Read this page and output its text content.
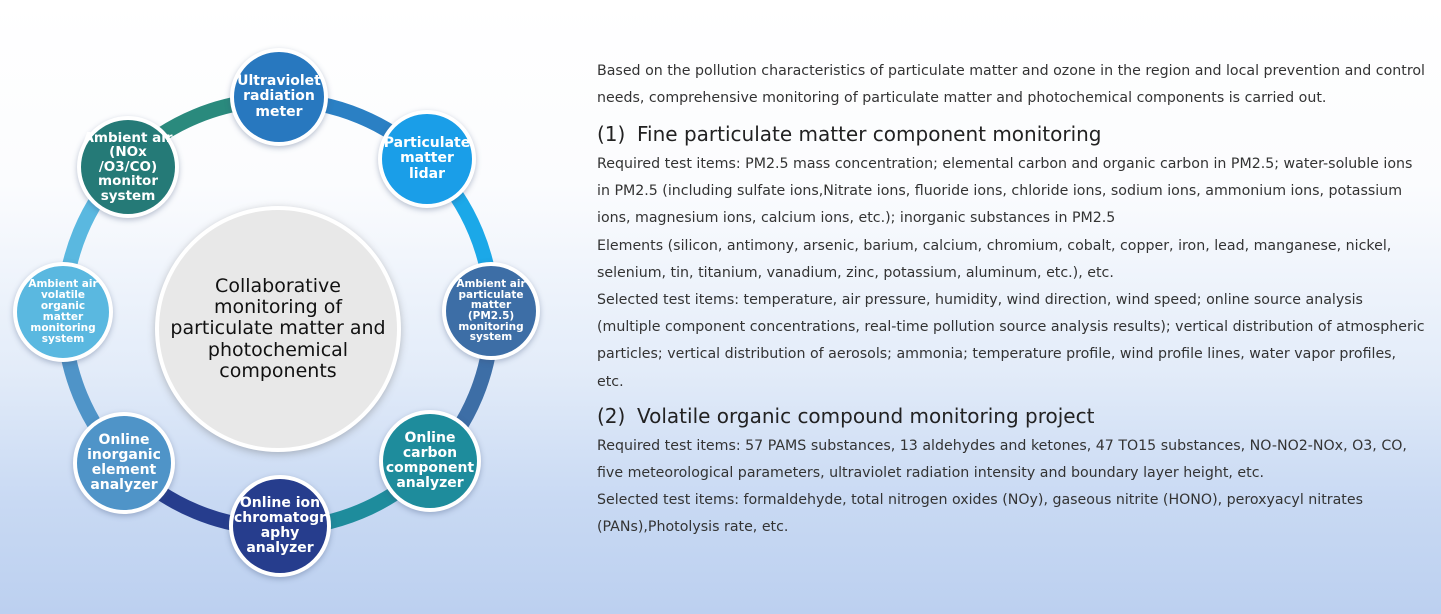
Collaborative monitoring of particulate matter and photochemical components
Ultraviolet
radiation
meter
Particulate
matter lidar
Ambient air
particulate
matter (PM2.5)
monitoring
system
Online
carbon
component
analyzer
Online ion
chromatogr
aphy
analyzer
Online
inorganic
element
analyzer
Ambient air
volatile
organic
matter
monitoring
system
Ambient air
(NOx /O3/CO)
monitor
system

Based on the pollution characteristics of particulate matter and ozone in the region and local prevention and control needs, comprehensive monitoring of particulate matter and photochemical components is carried out.

(1) Fine particulate matter component monitoring

Required test items: PM2.5 mass concentration; elemental carbon and organic carbon in PM2.5; water-soluble ions in PM2.5 (including sulfate ions,Nitrate ions, fluoride ions, chloride ions, sodium ions, ammonium ions, potassium ions, magnesium ions, calcium ions, etc.); inorganic substances in PM2.5

Elements (silicon, antimony, arsenic, barium, calcium, chromium, cobalt, copper, iron, lead, manganese, nickel, selenium, tin, titanium, vanadium, zinc, potassium, aluminum, etc.), etc.

Selected test items: temperature, air pressure, humidity, wind direction, wind speed; online source analysis (multiple component concentrations, real-time pollution source analysis results); vertical distribution of atmospheric particles; vertical distribution of aerosols; ammonia; temperature profile, wind profile lines, water vapor profiles, etc.

(2) Volatile organic compound monitoring project

Required test items: 57 PAMS substances, 13 aldehydes and ketones, 47 TO15 substances, NO-NO2-NOx, O3, CO, five meteorological parameters, ultraviolet radiation intensity and boundary layer height, etc.

Selected test items: formaldehyde, total nitrogen oxides (NOy), gaseous nitrite (HONO), peroxyacyl nitrates (PANs),Photolysis rate, etc.
